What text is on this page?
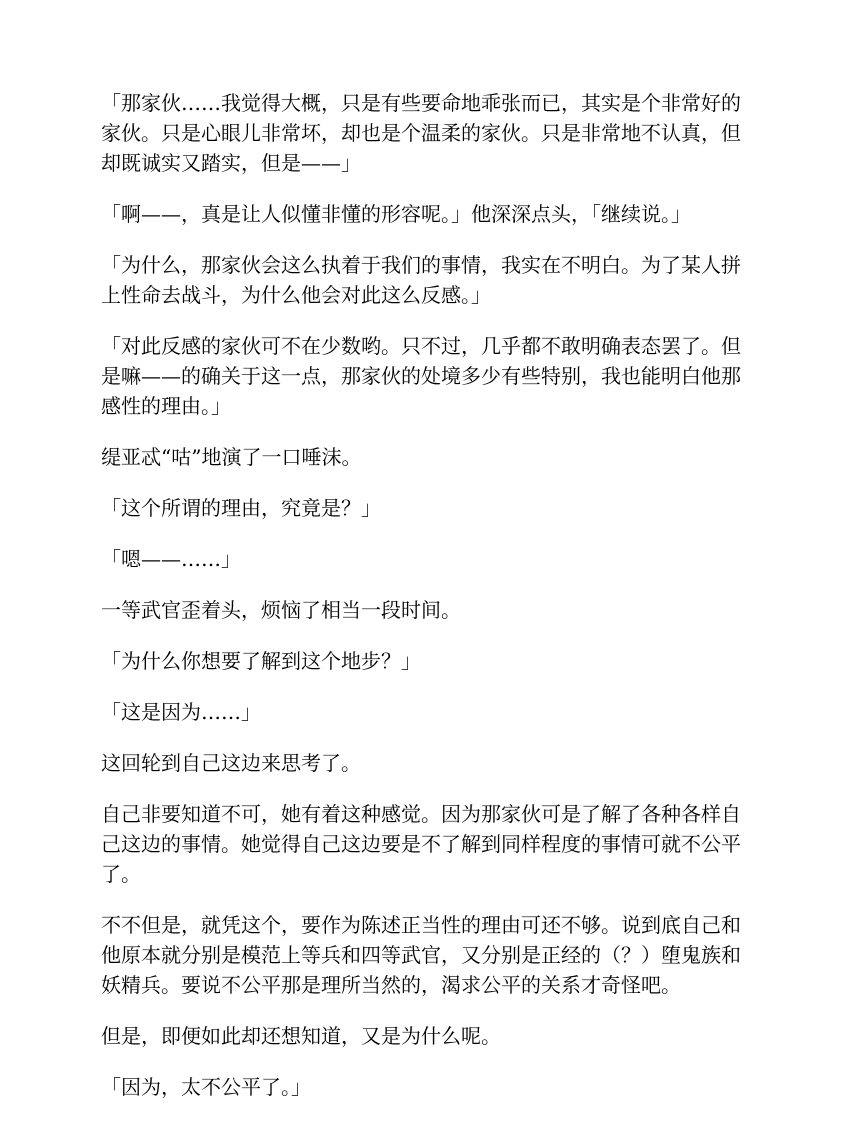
「那家伙……我觉得大概，只是有些要命地乖张而已，其实是个非常好的家伙。只是心眼儿非常坏，却也是个温柔的家伙。只是非常地不认真，但却既诚实又踏实，但是——」

「啊——，真是让人似懂非懂的形容呢。」他深深点头，「继续说。」

「为什么，那家伙会这么执着于我们的事情，我实在不明白。为了某人拼上性命去战斗，为什么他会对此这么反感。」

「对此反感的家伙可不在少数哟。只不过，几乎都不敢明确表态罢了。但是嘛——的确关于这一点，那家伙的处境多少有些特别，我也能明白他那感性的理由。」

缇亚忒“咕”地演了一口唾沫。

「这个所谓的理由，究竟是？」

「嗯——……」

一等武官歪着头，烦恼了相当一段时间。

「为什么你想要了解到这个地步？」

「这是因为……」

这回轮到自己这边来思考了。

自己非要知道不可，她有着这种感觉。因为那家伙可是了解了各种各样自己这边的事情。她觉得自己这边要是不了解到同样程度的事情可就不公平了。

不不但是，就凭这个，要作为陈述正当性的理由可还不够。说到底自己和他原本就分别是模范上等兵和四等武官，又分别是正经的（？）堕鬼族和妖精兵。要说不公平那是理所当然的，渴求公平的关系才奇怪吧。

但是，即便如此却还想知道，又是为什么呢。

「因为，太不公平了。」
